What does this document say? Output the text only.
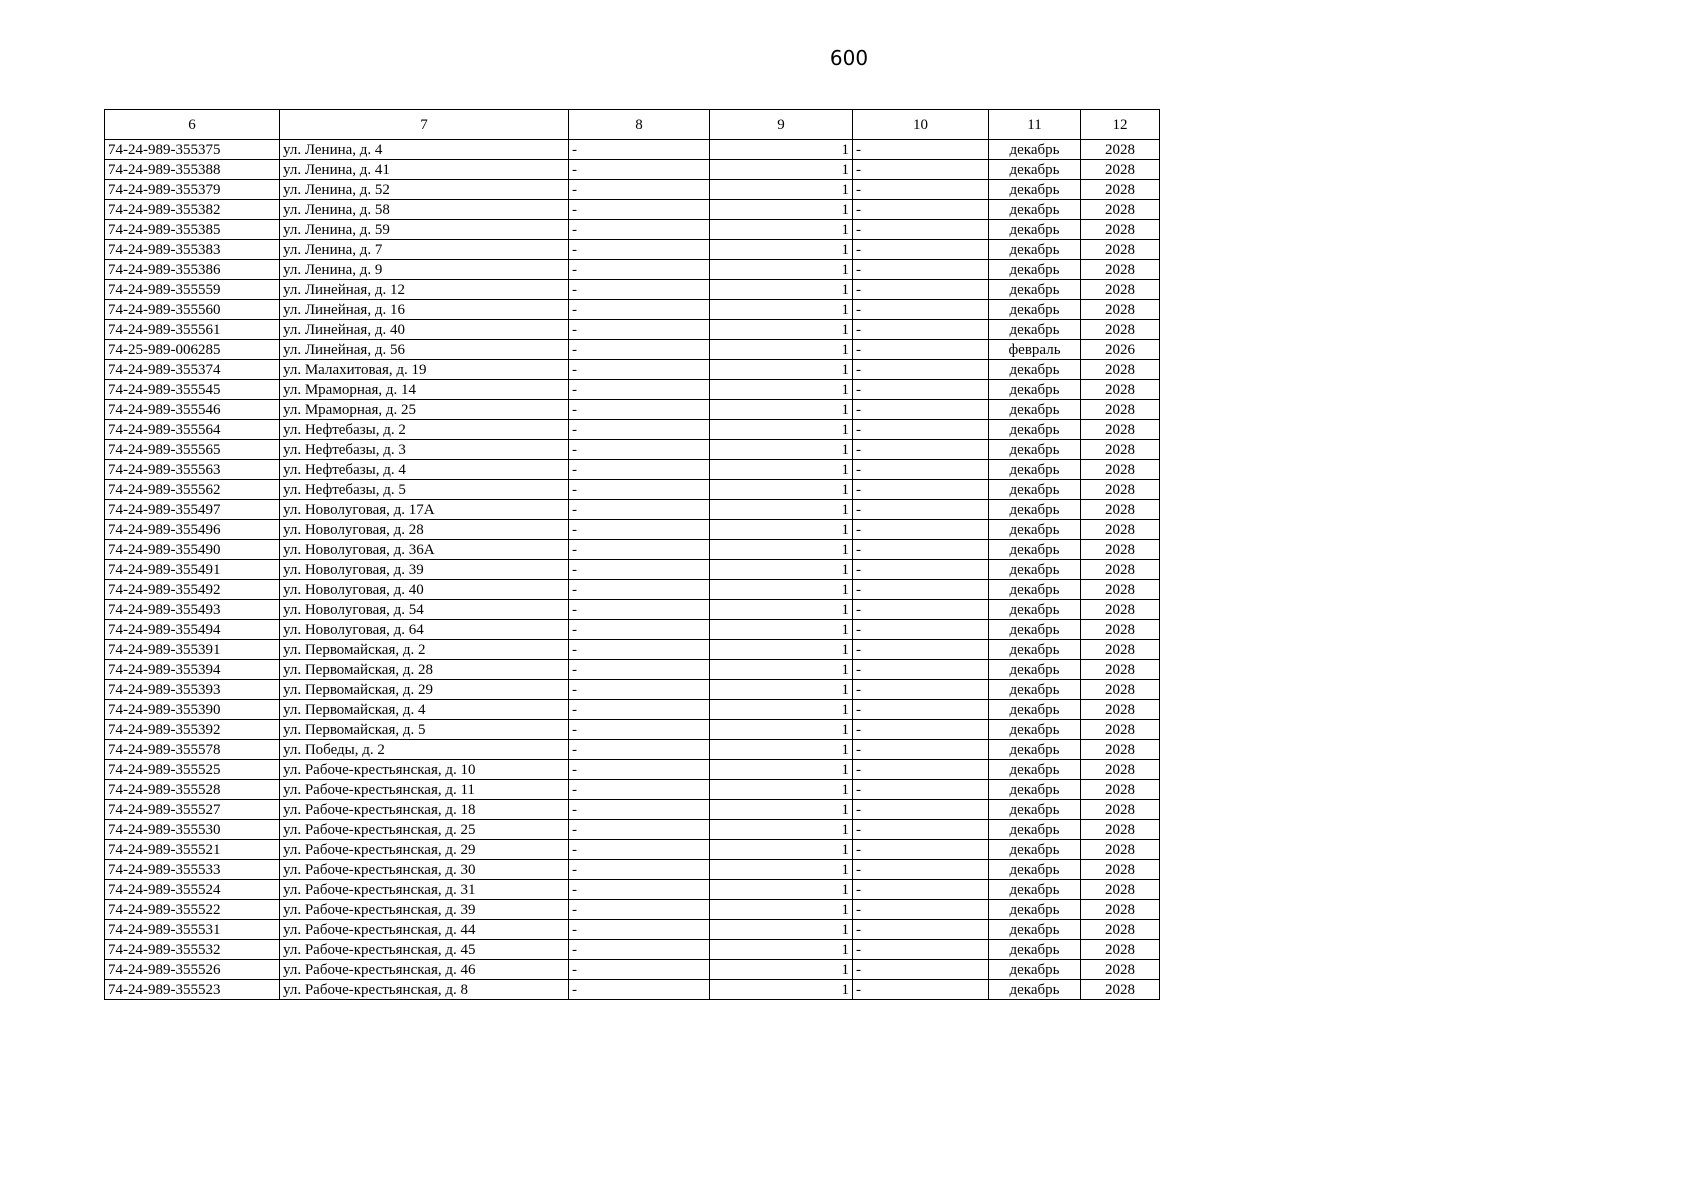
600
6	7	8	9	10	11	12
74-24-989-355375	ул. Ленина, д. 4	-	1	-	декабрь	2028
74-24-989-355388	ул. Ленина, д. 41	-	1	-	декабрь	2028
74-24-989-355379	ул. Ленина, д. 52	-	1	-	декабрь	2028
74-24-989-355382	ул. Ленина, д. 58	-	1	-	декабрь	2028
74-24-989-355385	ул. Ленина, д. 59	-	1	-	декабрь	2028
74-24-989-355383	ул. Ленина, д. 7	-	1	-	декабрь	2028
74-24-989-355386	ул. Ленина, д. 9	-	1	-	декабрь	2028
74-24-989-355559	ул. Линейная, д. 12	-	1	-	декабрь	2028
74-24-989-355560	ул. Линейная, д. 16	-	1	-	декабрь	2028
74-24-989-355561	ул. Линейная, д. 40	-	1	-	декабрь	2028
74-25-989-006285	ул. Линейная, д. 56	-	1	-	февраль	2026
74-24-989-355374	ул. Малахитовая, д. 19	-	1	-	декабрь	2028
74-24-989-355545	ул. Мраморная, д. 14	-	1	-	декабрь	2028
74-24-989-355546	ул. Мраморная, д. 25	-	1	-	декабрь	2028
74-24-989-355564	ул. Нефтебазы, д. 2	-	1	-	декабрь	2028
74-24-989-355565	ул. Нефтебазы, д. 3	-	1	-	декабрь	2028
74-24-989-355563	ул. Нефтебазы, д. 4	-	1	-	декабрь	2028
74-24-989-355562	ул. Нефтебазы, д. 5	-	1	-	декабрь	2028
74-24-989-355497	ул. Новолуговая, д. 17А	-	1	-	декабрь	2028
74-24-989-355496	ул. Новолуговая, д. 28	-	1	-	декабрь	2028
74-24-989-355490	ул. Новолуговая, д. 36А	-	1	-	декабрь	2028
74-24-989-355491	ул. Новолуговая, д. 39	-	1	-	декабрь	2028
74-24-989-355492	ул. Новолуговая, д. 40	-	1	-	декабрь	2028
74-24-989-355493	ул. Новолуговая, д. 54	-	1	-	декабрь	2028
74-24-989-355494	ул. Новолуговая, д. 64	-	1	-	декабрь	2028
74-24-989-355391	ул. Первомайская, д. 2	-	1	-	декабрь	2028
74-24-989-355394	ул. Первомайская, д. 28	-	1	-	декабрь	2028
74-24-989-355393	ул. Первомайская, д. 29	-	1	-	декабрь	2028
74-24-989-355390	ул. Первомайская, д. 4	-	1	-	декабрь	2028
74-24-989-355392	ул. Первомайская, д. 5	-	1	-	декабрь	2028
74-24-989-355578	ул. Победы, д. 2	-	1	-	декабрь	2028
74-24-989-355525	ул. Рабоче-крестьянская, д. 10	-	1	-	декабрь	2028
74-24-989-355528	ул. Рабоче-крестьянская, д. 11	-	1	-	декабрь	2028
74-24-989-355527	ул. Рабоче-крестьянская, д. 18	-	1	-	декабрь	2028
74-24-989-355530	ул. Рабоче-крестьянская, д. 25	-	1	-	декабрь	2028
74-24-989-355521	ул. Рабоче-крестьянская, д. 29	-	1	-	декабрь	2028
74-24-989-355533	ул. Рабоче-крестьянская, д. 30	-	1	-	декабрь	2028
74-24-989-355524	ул. Рабоче-крестьянская, д. 31	-	1	-	декабрь	2028
74-24-989-355522	ул. Рабоче-крестьянская, д. 39	-	1	-	декабрь	2028
74-24-989-355531	ул. Рабоче-крестьянская, д. 44	-	1	-	декабрь	2028
74-24-989-355532	ул. Рабоче-крестьянская, д. 45	-	1	-	декабрь	2028
74-24-989-355526	ул. Рабоче-крестьянская, д. 46	-	1	-	декабрь	2028
74-24-989-355523	ул. Рабоче-крестьянская, д. 8	-	1	-	декабрь	2028
